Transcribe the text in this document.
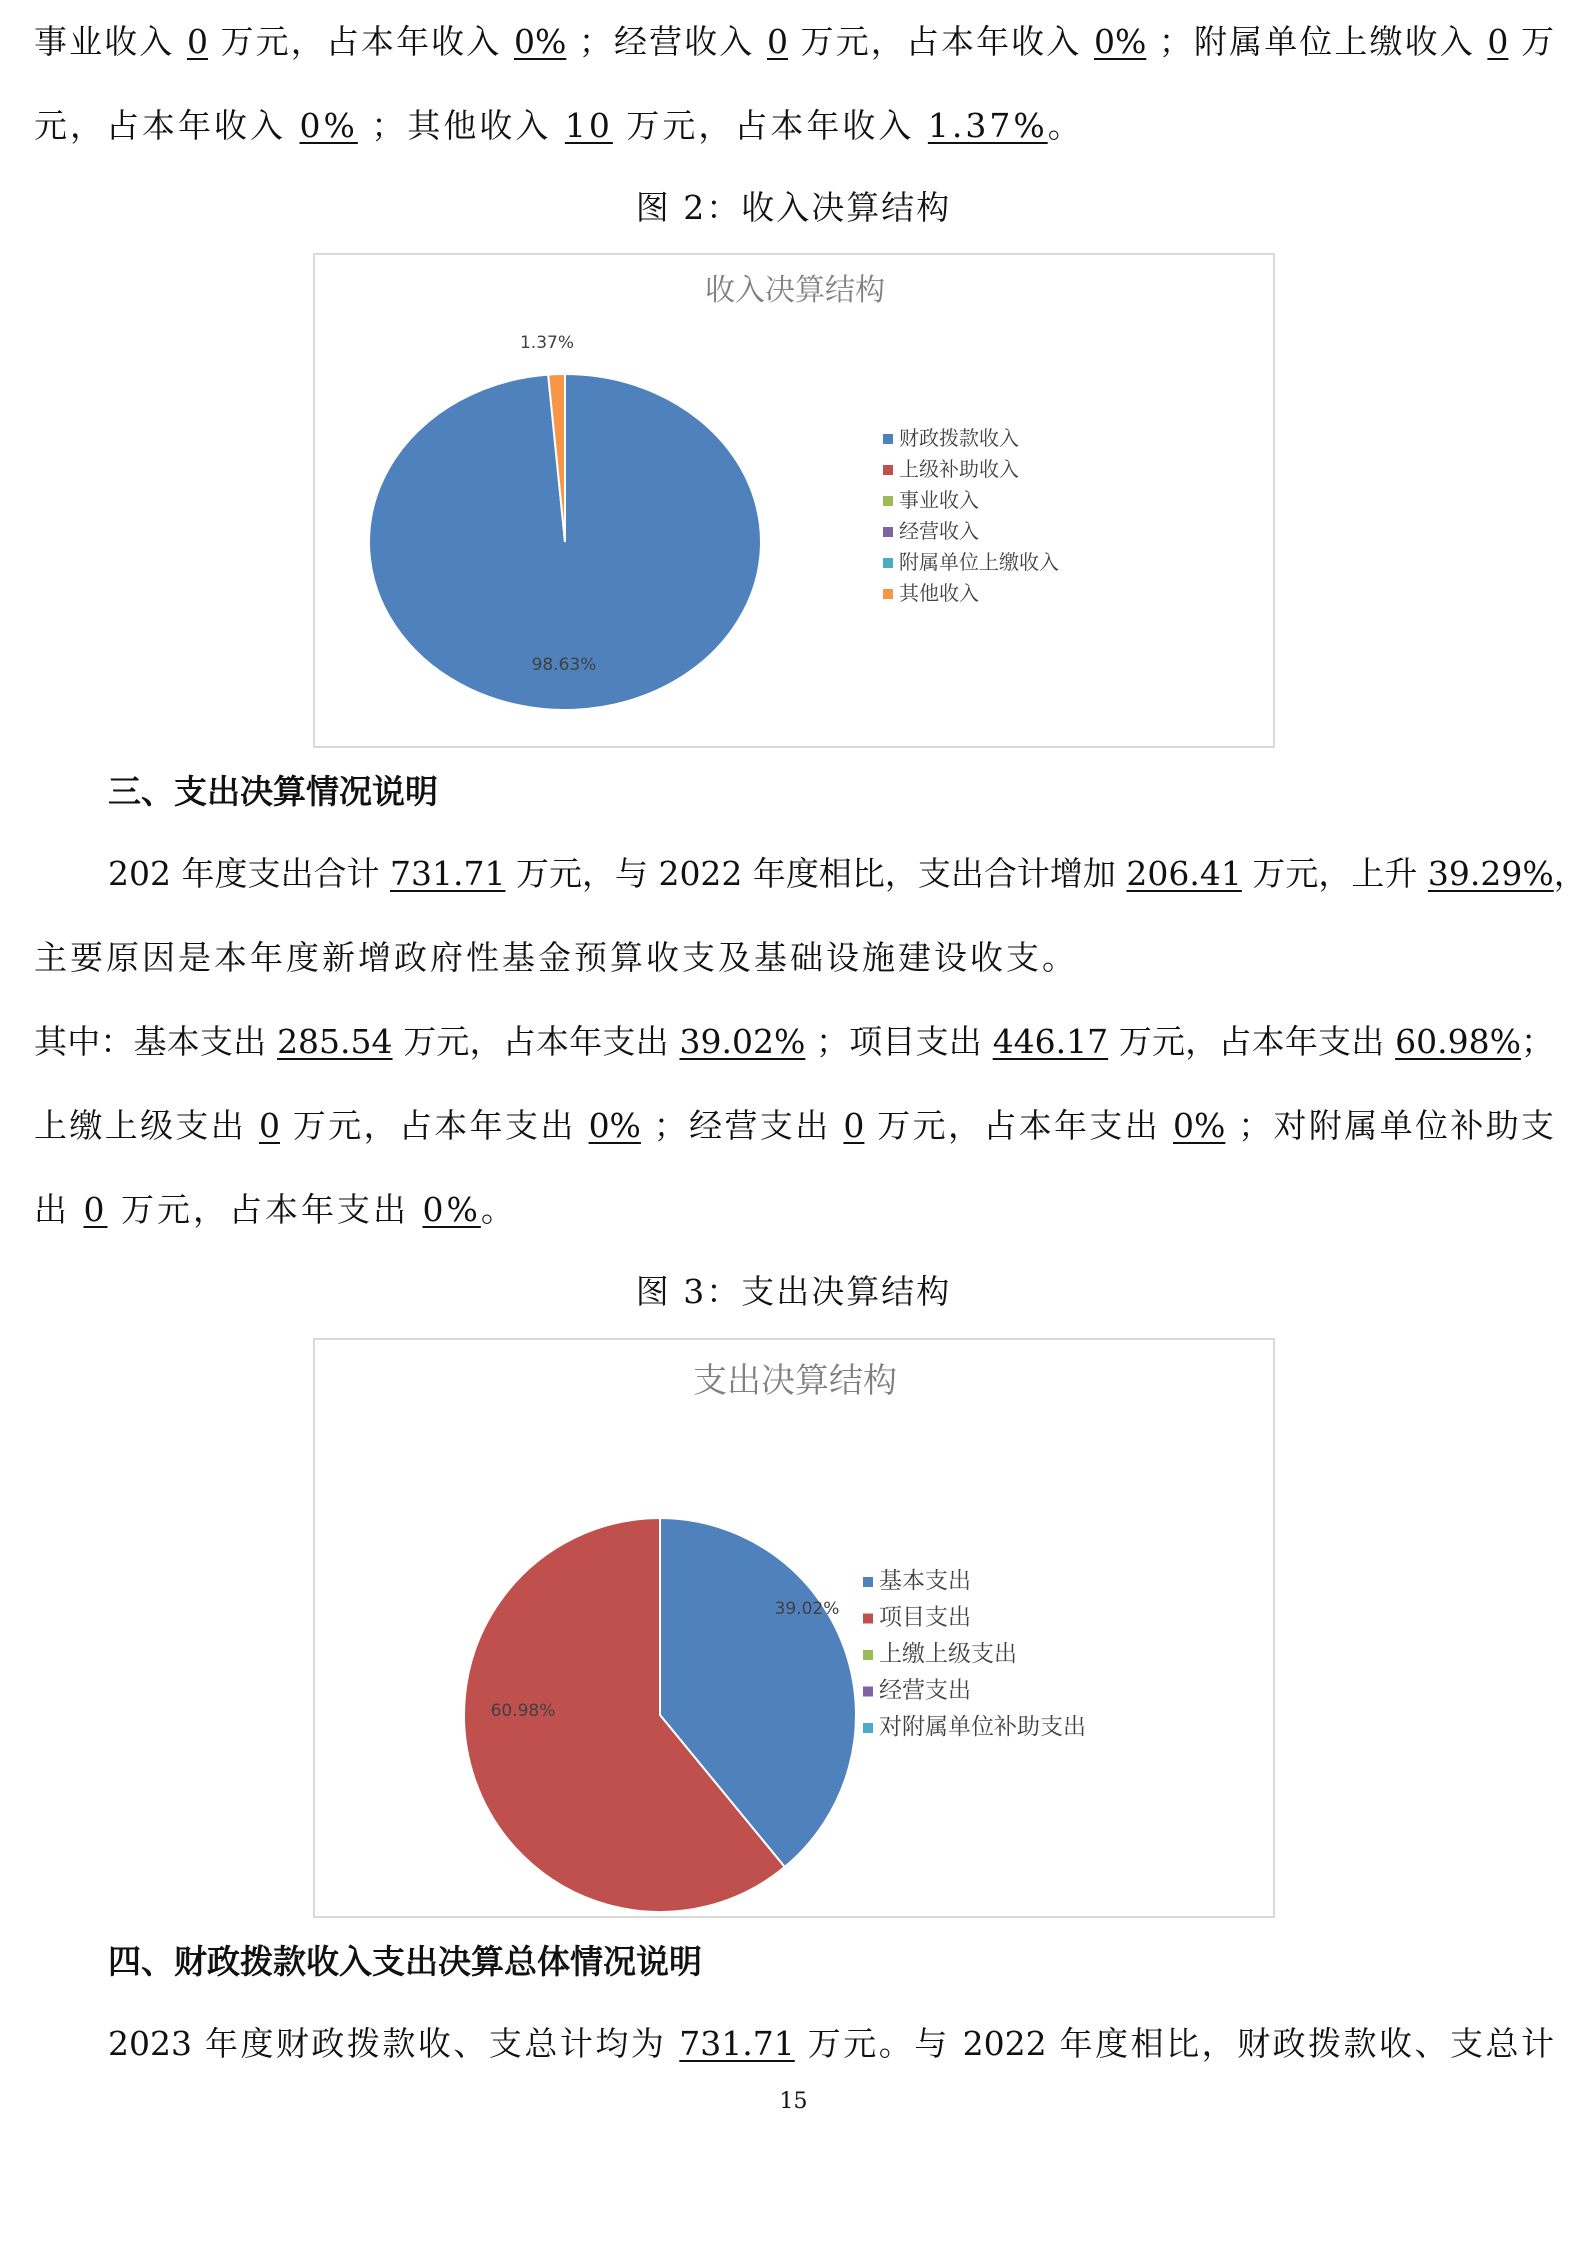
事业收入 0 万元，占本年收入 0% ；经营收入 0 万元，占本年收入 0% ；附属单位上缴收入 0 万
元，占本年收入 0% ；其他收入 10 万元，占本年收入 1.37%。
图 2：收入决算结构
收入决算结构
98.63%
1.37%
财政拨款收入
上级补助收入
事业收入
经营收入
附属单位上缴收入
其他收入
三、支出决算情况说明
202 年度支出合计 731.71 万元，与 2022 年度相比，支出合计增加 206.41 万元，上升 39.29%，
主要原因是本年度新增政府性基金预算收支及基础设施建设收支。
其中：基本支出 285.54 万元，占本年支出 39.02% ；项目支出 446.17 万元，占本年支出 60.98%；
上缴上级支出 0 万元，占本年支出 0% ；经营支出 0 万元，占本年支出 0% ；对附属单位补助支
出 0 万元，占本年支出 0%。
图 3：支出决算结构
支出决算结构
39.02%
60.98%
基本支出
项目支出
上缴上级支出
经营支出
对附属单位补助支出
四、财政拨款收入支出决算总体情况说明
2023 年度财政拨款收、支总计均为 731.71 万元。与 2022 年度相比，财政拨款收、支总计
15
